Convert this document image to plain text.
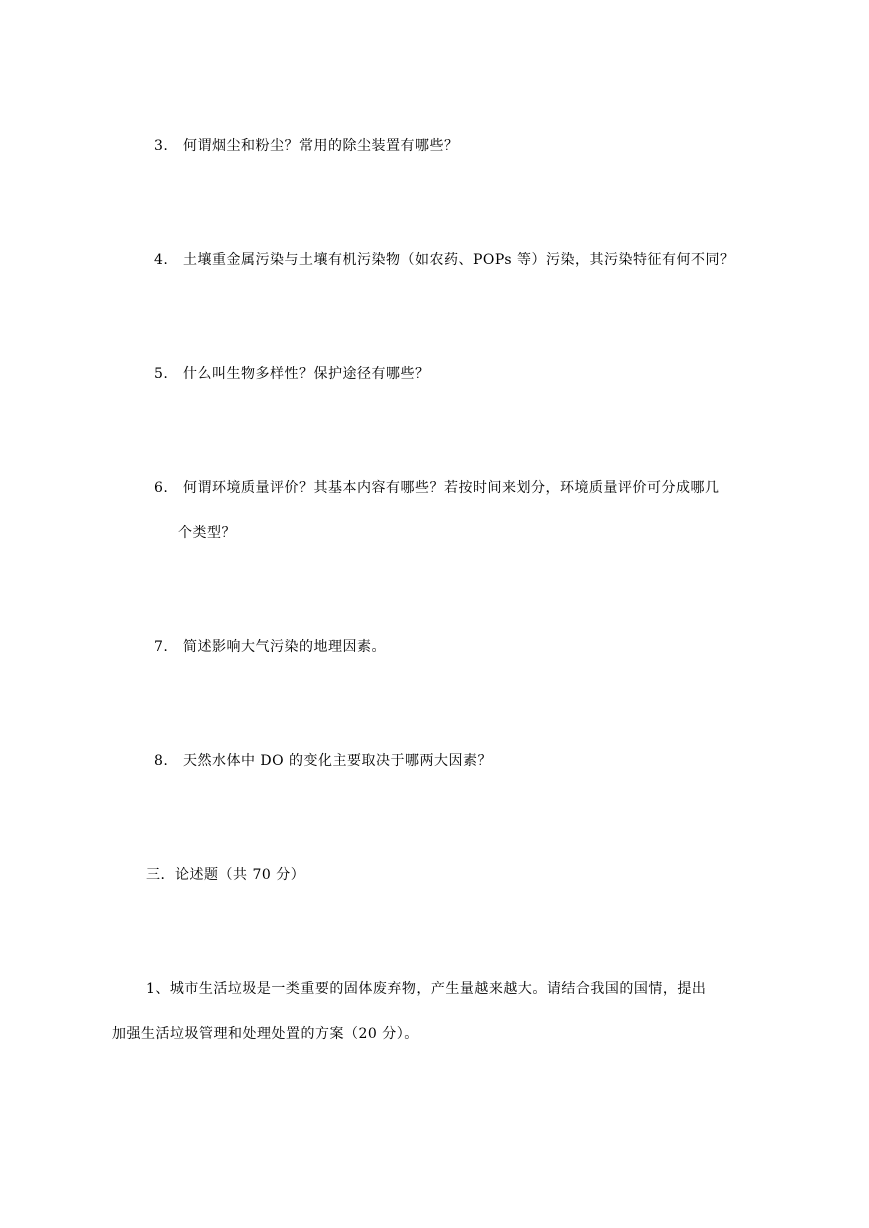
3. 何谓烟尘和粉尘？常用的除尘装置有哪些？
4. 土壤重金属污染与土壤有机污染物（如农药、POPs 等）污染，其污染特征有何不同？
5. 什么叫生物多样性？保护途径有哪些？
6. 何谓环境质量评价？其基本内容有哪些？若按时间来划分，环境质量评价可分成哪几
个类型？
7. 简述影响大气污染的地理因素。
8. 天然水体中 DO 的变化主要取决于哪两大因素？
三．论述题（共 70 分）
1、城市生活垃圾是一类重要的固体废弃物，产生量越来越大。请结合我国的国情，提出
加强生活垃圾管理和处理处置的方案（20 分）。
